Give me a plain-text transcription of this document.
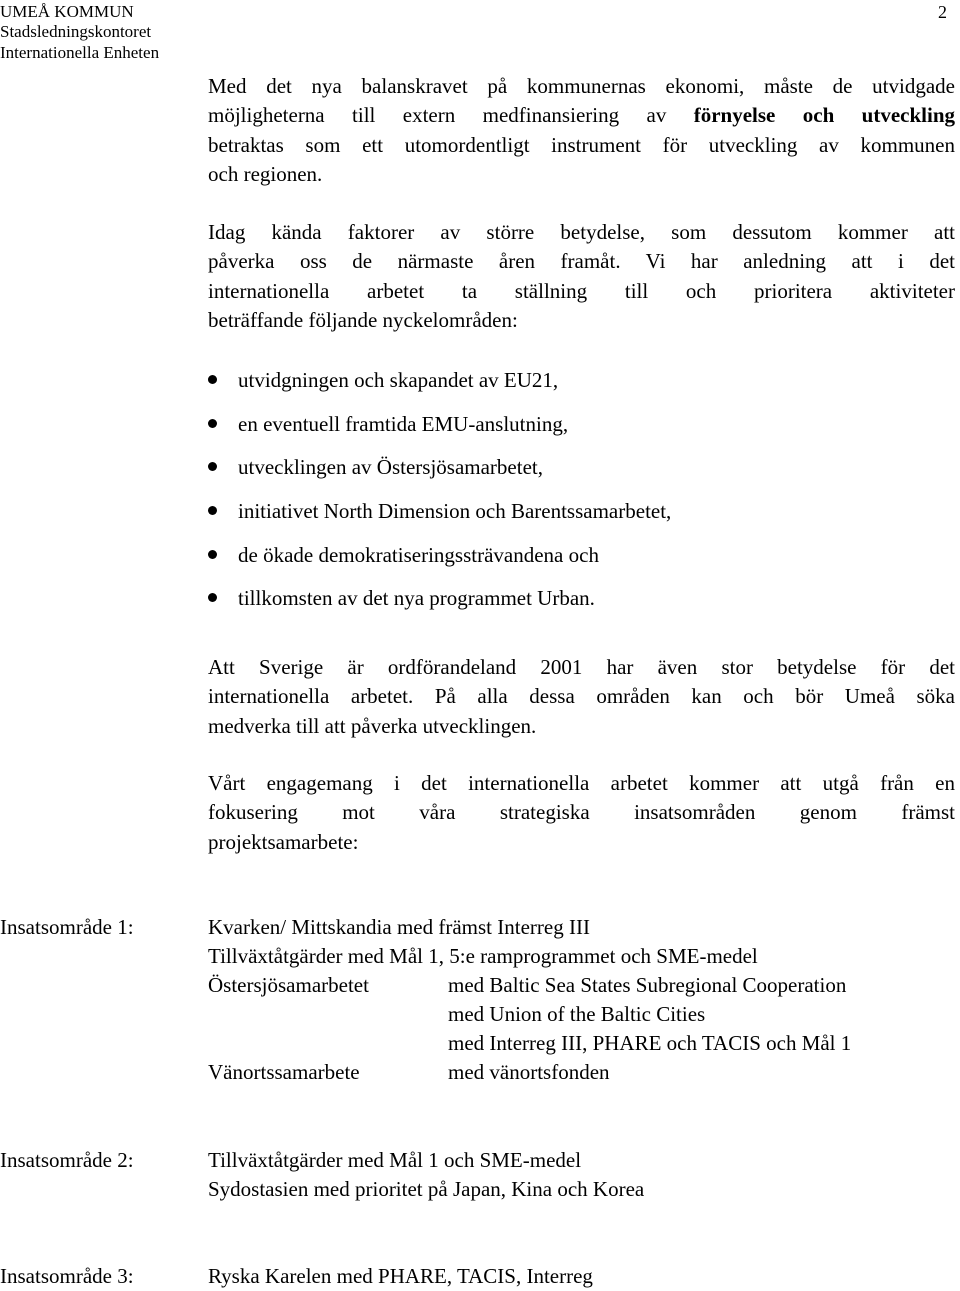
UMEÅ KOMMUN
Stadsledningskontoret
Internationella Enheten
2
Med det nya balanskravet på kommunernas ekonomi, måste de utvidgade
möjligheterna till extern medfinansiering av förnyelse och utveckling
betraktas som ett utomordentligt instrument för utveckling av kommunen
och regionen.
Idag kända faktorer av större betydelse, som dessutom kommer att
påverka oss de närmaste åren framåt. Vi har anledning att i det
internationella arbetet ta ställning till och prioritera aktiviteter
beträffande följande nyckelområden:
utvidgningen och skapandet av EU21,
en eventuell framtida EMU-anslutning,
utvecklingen av Östersjösamarbetet,
initiativet North Dimension och Barentssamarbetet,
de ökade demokratiseringssträvandena och
tillkomsten av det nya programmet Urban.
Att Sverige är ordförandeland 2001 har även stor betydelse för det
internationella arbetet. På alla dessa områden kan och bör Umeå söka
medverka till att påverka utvecklingen.
Vårt engagemang i det internationella arbetet kommer att utgå från en
fokusering mot våra strategiska insatsområden genom främst
projektsamarbete:
Insatsområde 1:	Kvarken/ Mittskandia med främst Interreg III
Tillväxtåtgärder med Mål 1, 5:e ramprogrammet och SME-medel
Östersjösamarbetet	med Baltic Sea States Subregional Cooperation
med Union of the Baltic Cities
med Interreg III, PHARE och TACIS och Mål 1
Vänortssamarbete	med vänortsfonden
Insatsområde 2:	Tillväxtåtgärder med Mål 1 och SME-medel
Sydostasien med prioritet på Japan, Kina och Korea
Insatsområde 3:	Ryska Karelen med PHARE, TACIS, Interreg
